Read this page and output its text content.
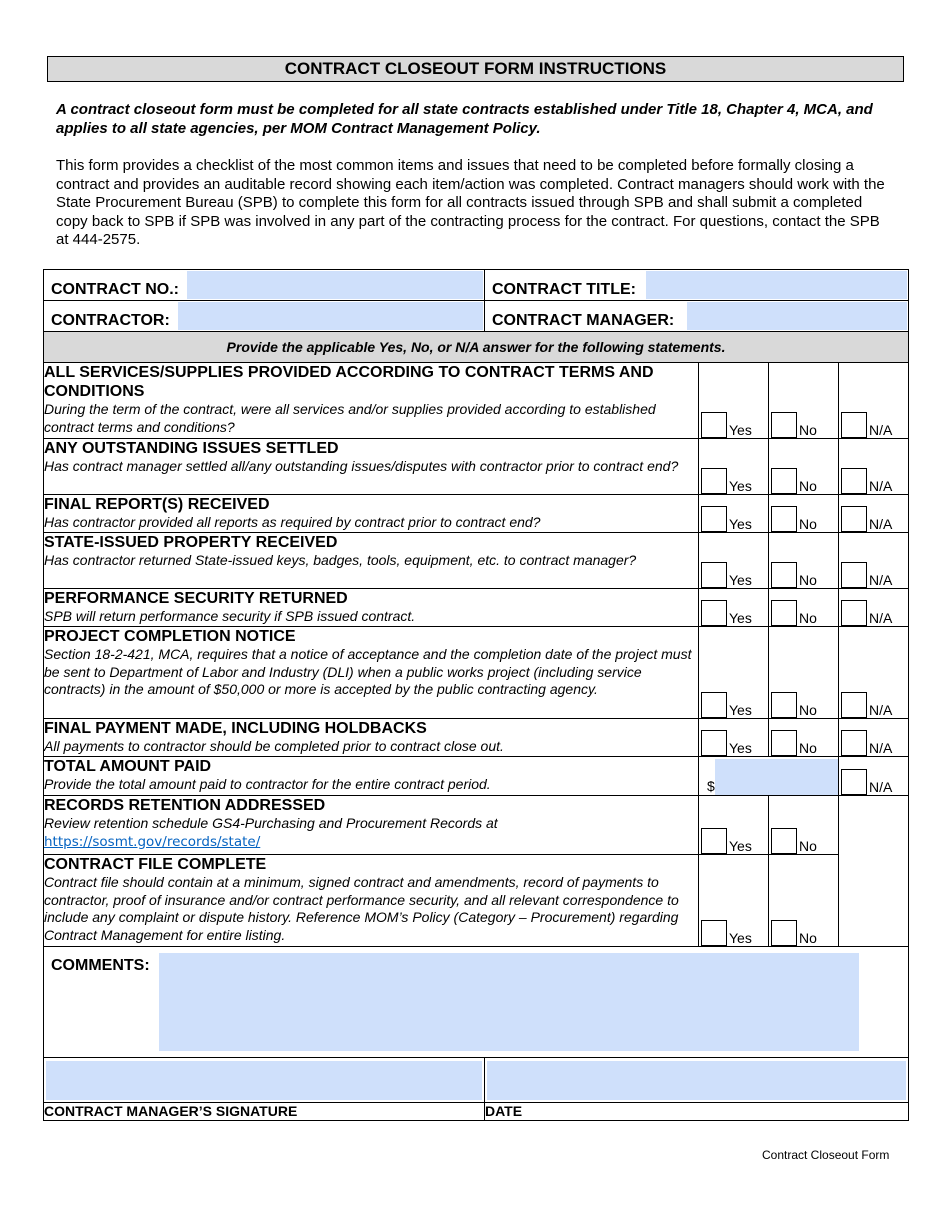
CONTRACT CLOSEOUT FORM INSTRUCTIONS
A contract closeout form must be completed for all state contracts established under Title 18, Chapter 4, MCA, and applies to all state agencies, per MOM Contract Management Policy.
This form provides a checklist of the most common items and issues that need to be completed before formally closing a contract and provides an auditable record showing each item/action was completed. Contract managers should work with the State Procurement Bureau (SPB) to complete this form for all contracts issued through SPB and shall submit a completed copy back to SPB if SPB was involved in any part of the contracting process for the contract. For questions, contact the SPB at 444-2575.
CONTRACT NO.:	CONTRACT TITLE:			

CONTRACTOR:	CONTRACT MANAGER:			

Provide the applicable Yes, No, or N/A answer for the following statements.				

ALL SERVICES/SUPPLIES PROVIDED ACCORDING TO CONTRACT TERMS AND CONDITIONS
During the term of the contract, were all services and/or supplies provided according to established contract terms and conditions?		Yes	No	N/A

ANY OUTSTANDING ISSUES SETTLED
Has contract manager settled all/any outstanding issues/disputes with contractor prior to contract end?		Yes	No	N/A

FINAL REPORT(S) RECEIVED
Has contractor provided all reports as required by contract prior to contract end?		Yes	No	N/A

STATE-ISSUED PROPERTY RECEIVED
Has contractor returned State-issued keys, badges, tools, equipment, etc. to contract manager?		Yes	No	N/A

PERFORMANCE SECURITY RETURNED
SPB will return performance security if SPB issued contract.		Yes	No	N/A

PROJECT COMPLETION NOTICE
Section 18-2-421, MCA, requires that a notice of acceptance and the completion date of the project must be sent to Department of Labor and Industry (DLI) when a public works project (including service contracts) in the amount of $50,000 or more is accepted by the public contracting agency.		Yes	No	N/A

FINAL PAYMENT MADE, INCLUDING HOLDBACKS
All payments to contractor should be completed prior to contract close out.		Yes	No	N/A

TOTAL AMOUNT PAID
Provide the total amount paid to contractor for the entire contract period.		$		N/A

RECORDS RETENTION ADDRESSED
Review retention schedule GS4-Purchasing and Procurement Records at
https://sosmt.gov/records/state/		Yes	No	

CONTRACT FILE COMPLETE
Contract file should contain at a minimum, signed contract and amendments, record of payments to contractor, proof of insurance and/or contract performance security, and all relevant correspondence to include any complaint or dispute history. Reference MOM’s Policy (Category – Procurement) regarding Contract Management for entire listing.		Yes	No	

COMMENTS:				

CONTRACT MANAGER’S SIGNATURE	DATE			
Contract Closeout Form
